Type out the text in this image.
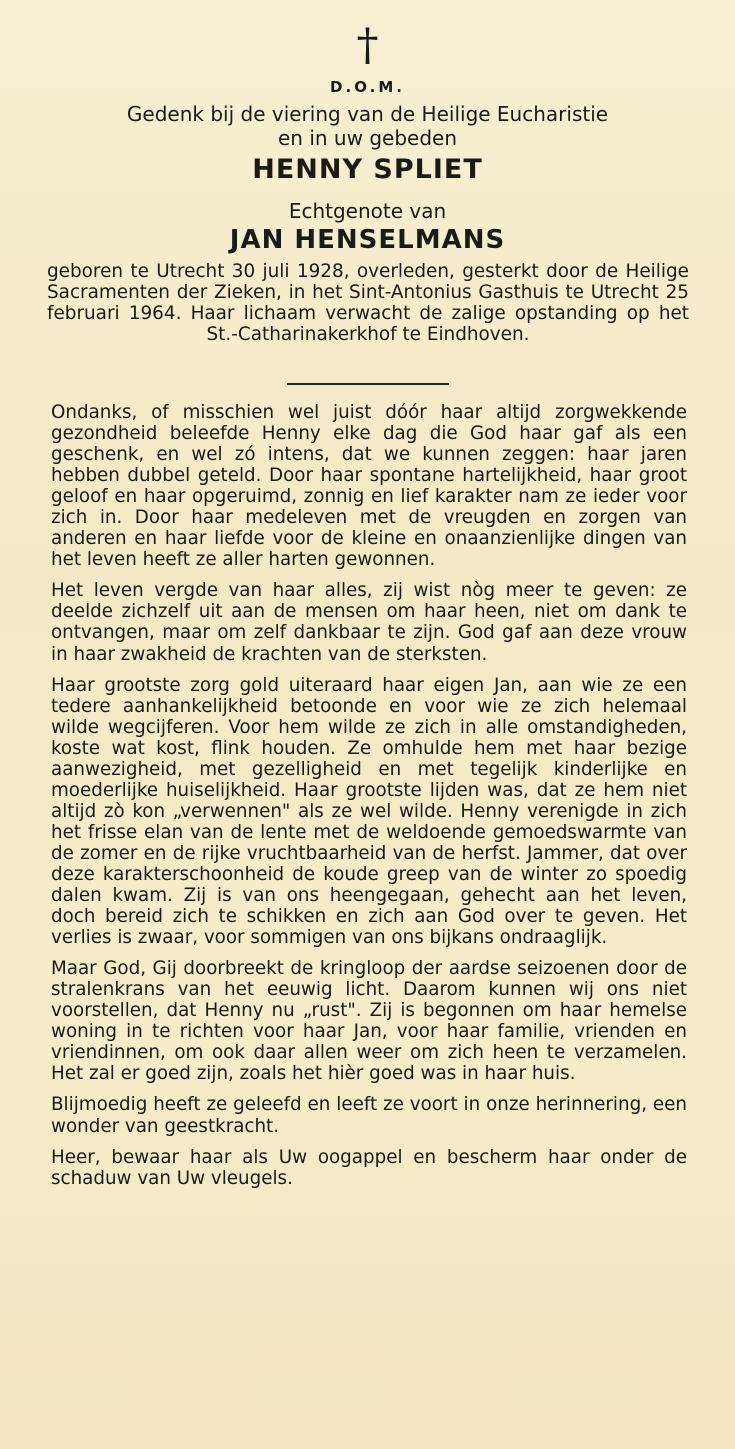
†
D.O.M.
Gedenk bij de viering van de Heilige Eucharistie
en in uw gebeden
HENNY SPLIET
Echtgenote van
JAN HENSELMANS
geboren te Utrecht 30 juli 1928, overleden, gesterkt door de Heilige Sacramenten der Zieken, in het Sint-Antonius Gasthuis te Utrecht 25 februari 1964. Haar lichaam verwacht de zalige opstanding op het St.-Catharinakerkhof te Eindhoven.

Ondanks, of misschien wel juist dóór haar altijd zorgwekkende gezondheid beleefde Henny elke dag die God haar gaf als een geschenk, en wel zó intens, dat we kunnen zeggen: haar jaren hebben dubbel geteld. Door haar spontane hartelijkheid, haar groot geloof en haar opgeruimd, zonnig en lief karakter nam ze ieder voor zich in. Door haar medeleven met de vreugden en zorgen van anderen en haar liefde voor de kleine en onaanzienlijke dingen van het leven heeft ze aller harten gewonnen.

Het leven vergde van haar alles, zij wist nòg meer te geven: ze deelde zichzelf uit aan de mensen om haar heen, niet om dank te ontvangen, maar om zelf dankbaar te zijn. God gaf aan deze vrouw in haar zwakheid de krachten van de sterksten.

Haar grootste zorg gold uiteraard haar eigen Jan, aan wie ze een tedere aanhankelijkheid betoonde en voor wie ze zich helemaal wilde wegcijferen. Voor hem wilde ze zich in alle omstandigheden, koste wat kost, flink houden. Ze omhulde hem met haar bezige aanwezigheid, met gezelligheid en met tegelijk kinderlijke en moederlijke huiselijkheid. Haar grootste lijden was, dat ze hem niet altijd zò kon „verwennen" als ze wel wilde. Henny verenigde in zich het frisse elan van de lente met de weldoende gemoedswarmte van de zomer en de rijke vruchtbaarheid van de herfst. Jammer, dat over deze karakterschoonheid de koude greep van de winter zo spoedig dalen kwam. Zij is van ons heengegaan, gehecht aan het leven, doch bereid zich te schikken en zich aan God over te geven. Het verlies is zwaar, voor sommigen van ons bijkans ondraaglijk.

Maar God, Gij doorbreekt de kringloop der aardse seizoenen door de stralenkrans van het eeuwig licht. Daarom kunnen wij ons niet voorstellen, dat Henny nu „rust". Zij is begonnen om haar hemelse woning in te richten voor haar Jan, voor haar familie, vrienden en vriendinnen, om ook daar allen weer om zich heen te verzamelen. Het zal er goed zijn, zoals het hièr goed was in haar huis.

Blijmoedig heeft ze geleefd en leeft ze voort in onze herinnering, een wonder van geestkracht.

Heer, bewaar haar als Uw oogappel en bescherm haar onder de schaduw van Uw vleugels.
